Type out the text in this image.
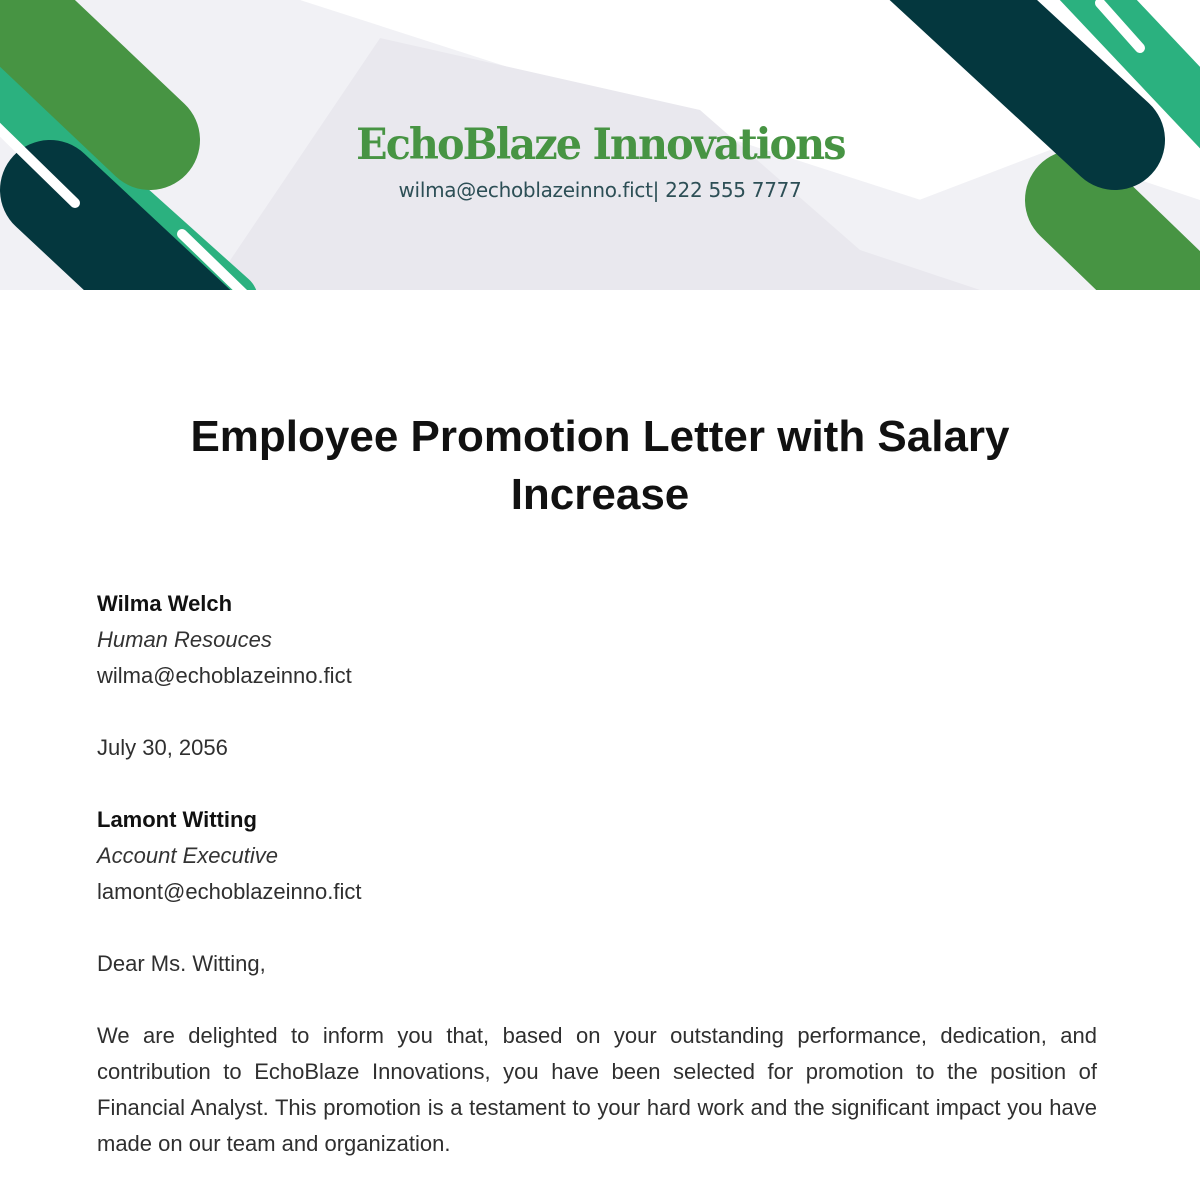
EchoBlaze Innovations
wilma@echoblazeinno.fict| 222 555 7777
Employee Promotion Letter with Salary Increase
Wilma Welch
Human Resouces
wilma@echoblazeinno.fict
July 30, 2056
Lamont Witting
Account Executive
lamont@echoblazeinno.fict
Dear Ms. Witting,

We are delighted to inform you that, based on your outstanding performance, dedication, and contribution to EchoBlaze Innovations, you have been selected for promotion to the position of Financial Analyst. This promotion is a testament to your hard work and the significant impact you have made on our team and organization.
